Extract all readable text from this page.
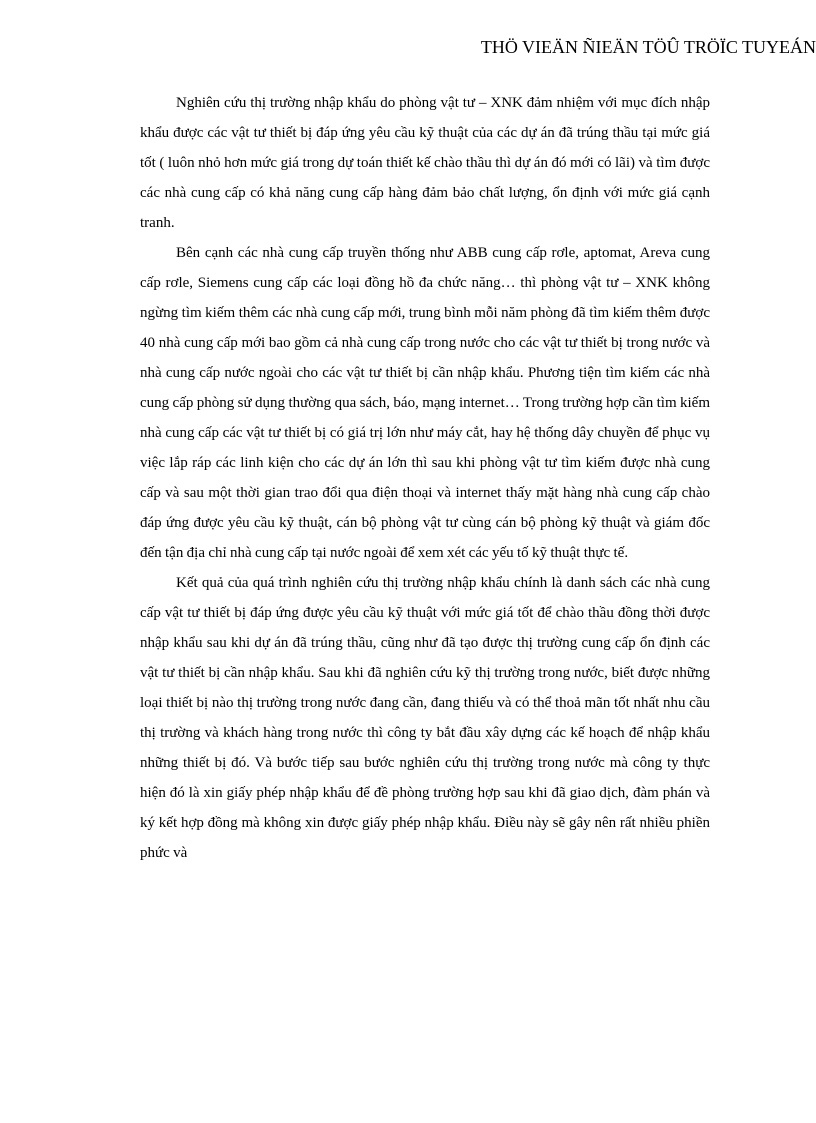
THÖ VIEÄN ÑIEÄN TÖÛ TRÖÏC TUYEÁN

Nghiên cứu thị trường nhập khẩu do phòng vật tư – XNK đảm nhiệm với mục đích nhập khẩu được các vật tư thiết bị đáp ứng yêu cầu kỹ thuật của các dự án đã trúng thầu tại mức giá tốt ( luôn nhỏ hơn mức giá trong dự toán thiết kế chào thầu thì dự án đó mới có lãi) và tìm được các nhà cung cấp có khả năng cung cấp hàng đảm bảo chất lượng, ổn định với mức giá cạnh tranh.

Bên cạnh các nhà cung cấp truyền thống như ABB cung cấp rơle, aptomat, Areva cung cấp rơle, Siemens cung cấp các loại đồng hồ đa chức năng… thì phòng vật tư – XNK không ngừng tìm kiếm thêm các nhà cung cấp mới, trung bình mỗi năm phòng đã tìm kiếm thêm được 40 nhà cung cấp mới bao gồm cả nhà cung cấp trong nước cho các vật tư thiết bị trong nước và nhà cung cấp nước ngoài cho các vật tư thiết bị cần nhập khẩu. Phương tiện tìm kiếm các nhà cung cấp phòng sử dụng thường qua sách, báo, mạng internet… Trong trường hợp cần tìm kiếm nhà cung cấp các vật tư thiết bị có giá trị lớn như máy cắt, hay hệ thống dây chuyền để phục vụ việc lắp ráp các linh kiện cho các dự án lớn thì sau khi phòng vật tư tìm kiếm được nhà cung cấp và sau một thời gian trao đổi qua điện thoại và internet thấy mặt hàng nhà cung cấp chào đáp ứng được yêu cầu kỹ thuật, cán bộ phòng vật tư cùng cán bộ phòng kỹ thuật và giám đốc đến tận địa chỉ nhà cung cấp tại nước ngoài để xem xét các yếu tố kỹ thuật thực tế.

Kết quả của quá trình nghiên cứu thị trường nhập khẩu chính là danh sách các nhà cung cấp vật tư thiết bị đáp ứng được yêu cầu kỹ thuật với mức giá tốt để chào thầu đồng thời được nhập khẩu sau khi dự án đã trúng thầu, cũng như đã tạo được thị trường cung cấp ổn định các vật tư thiết bị cần nhập khẩu. Sau khi đã nghiên cứu kỹ thị trường trong nước, biết được những loại thiết bị nào thị trường trong nước đang cần, đang thiếu và có thể thoả mãn tốt nhất nhu cầu thị trường và khách hàng trong nước thì công ty bắt đầu xây dựng các kế hoạch để nhập khẩu những thiết bị đó. Và bước tiếp sau bước nghiên cứu thị trường trong nước mà công ty thực hiện đó là xin giấy phép nhập khẩu để đề phòng trường hợp sau khi đã giao dịch, đàm phán và ký kết hợp đồng mà không xin được giấy phép nhập khẩu. Điều này sẽ gây nên rất nhiều phiền phức và
